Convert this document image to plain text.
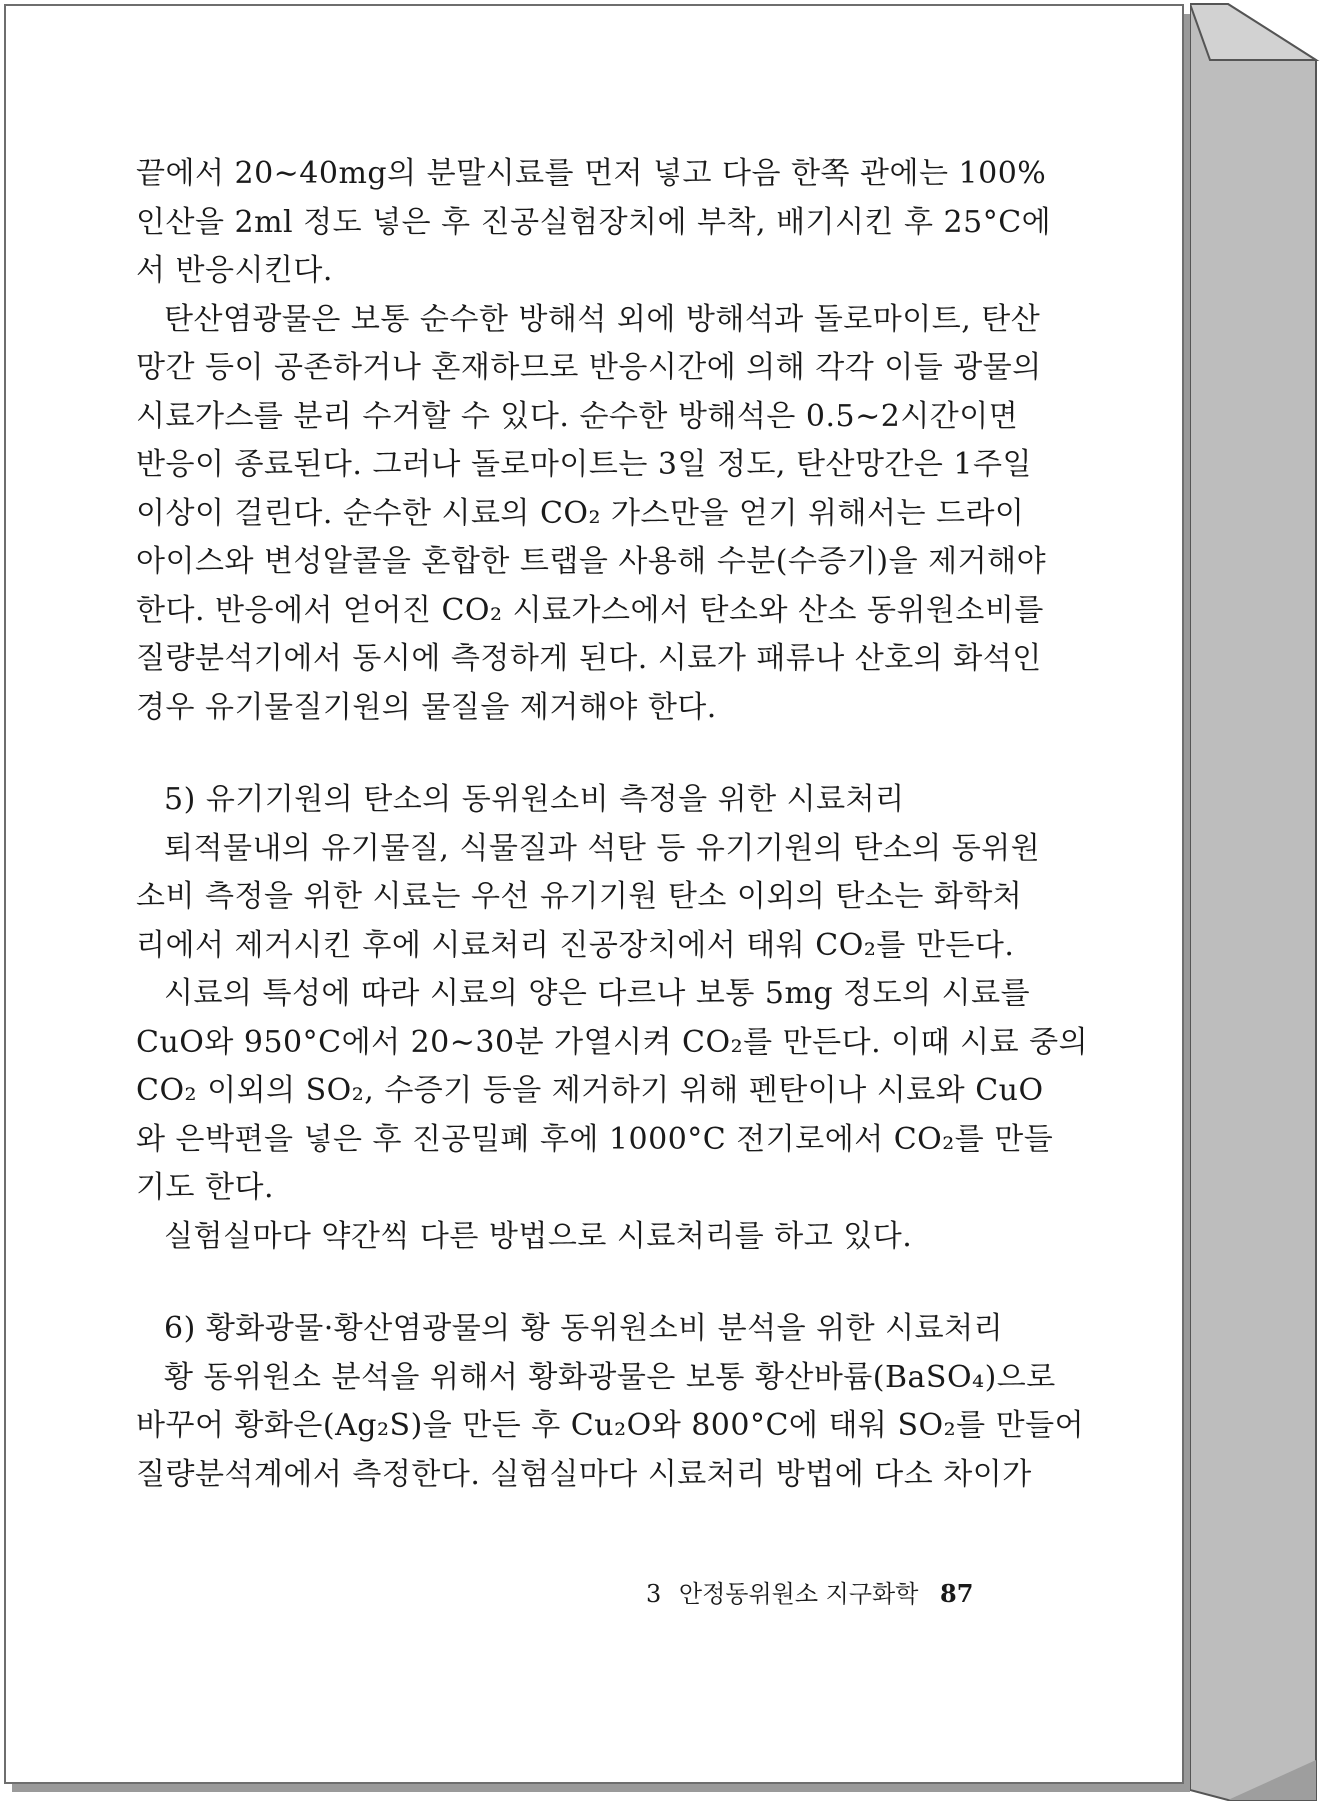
끝에서 20∼40mg의 분말시료를 먼저 넣고 다음 한쪽 관에는 100%
인산을 2ml 정도 넣은 후 진공실험장치에 부착, 배기시킨 후 25°C에
서 반응시킨다.
탄산염광물은 보통 순수한 방해석 외에 방해석과 돌로마이트, 탄산
망간 등이 공존하거나 혼재하므로 반응시간에 의해 각각 이들 광물의
시료가스를 분리 수거할 수 있다. 순수한 방해석은 0.5∼2시간이면
반응이 종료된다. 그러나 돌로마이트는 3일 정도, 탄산망간은 1주일
이상이 걸린다. 순수한 시료의 CO₂ 가스만을 얻기 위해서는 드라이
아이스와 변성알콜을 혼합한 트랩을 사용해 수분(수증기)을 제거해야
한다. 반응에서 얻어진 CO₂ 시료가스에서 탄소와 산소 동위원소비를
질량분석기에서 동시에 측정하게 된다. 시료가 패류나 산호의 화석인
경우 유기물질기원의 물질을 제거해야 한다.
5) 유기기원의 탄소의 동위원소비 측정을 위한 시료처리
퇴적물내의 유기물질, 식물질과 석탄 등 유기기원의 탄소의 동위원
소비 측정을 위한 시료는 우선 유기기원 탄소 이외의 탄소는 화학처
리에서 제거시킨 후에 시료처리 진공장치에서 태워 CO₂를 만든다.
시료의 특성에 따라 시료의 양은 다르나 보통 5mg 정도의 시료를
CuO와 950°C에서 20∼30분 가열시켜 CO₂를 만든다. 이때 시료 중의
CO₂ 이외의 SO₂, 수증기 등을 제거하기 위해 펜탄이나 시료와 CuO
와 은박편을 넣은 후 진공밀폐 후에 1000°C 전기로에서 CO₂를 만들
기도 한다.
실험실마다 약간씩 다른 방법으로 시료처리를 하고 있다.
6) 황화광물·황산염광물의 황 동위원소비 분석을 위한 시료처리
황 동위원소 분석을 위해서 황화광물은 보통 황산바륨(BaSO₄)으로
바꾸어 황화은(Ag₂S)을 만든 후 Cu₂O와 800°C에 태워 SO₂를 만들어
질량분석계에서 측정한다. 실험실마다 시료처리 방법에 다소 차이가
3 안정동위원소 지구화학 87
